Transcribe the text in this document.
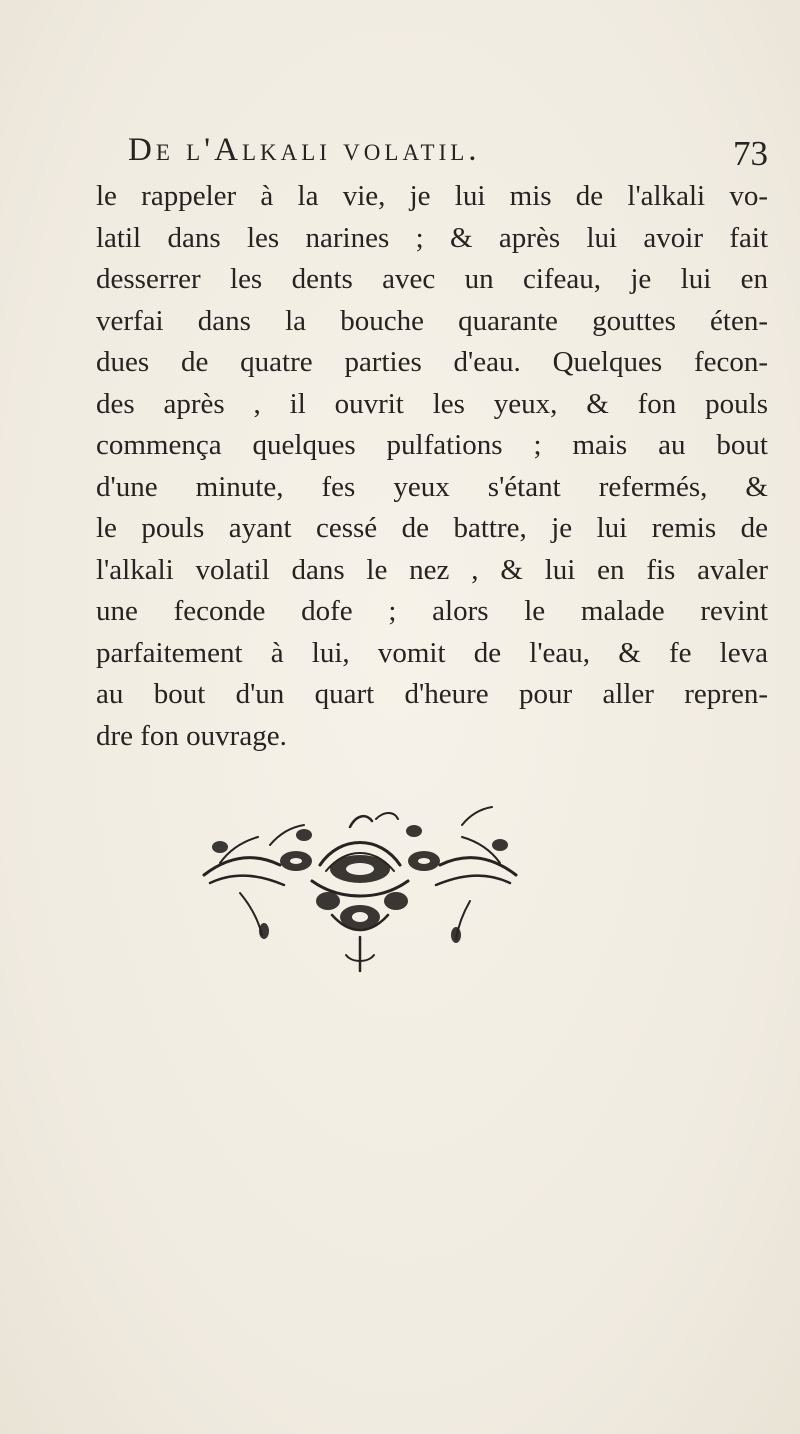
De l'Alkali volatil.	73
le rappeler à la vie, je lui mis de l'alkali vo-
latil dans les narines ; & après lui avoir fait
desserrer les dents avec un cifeau, je lui en
verfai dans la bouche quarante gouttes éten-
dues de quatre parties d'eau. Quelques fecon-
des après , il ouvrit les yeux, & fon pouls
commença quelques pulfations ; mais au bout
d'une minute, fes yeux s'étant refermés, &
le pouls ayant cessé de battre, je lui remis de
l'alkali volatil dans le nez , & lui en fis avaler
une feconde dofe ; alors le malade revint
parfaitement à lui, vomit de l'eau, & fe leva
au bout d'un quart d'heure pour aller repren-
dre fon ouvrage.
